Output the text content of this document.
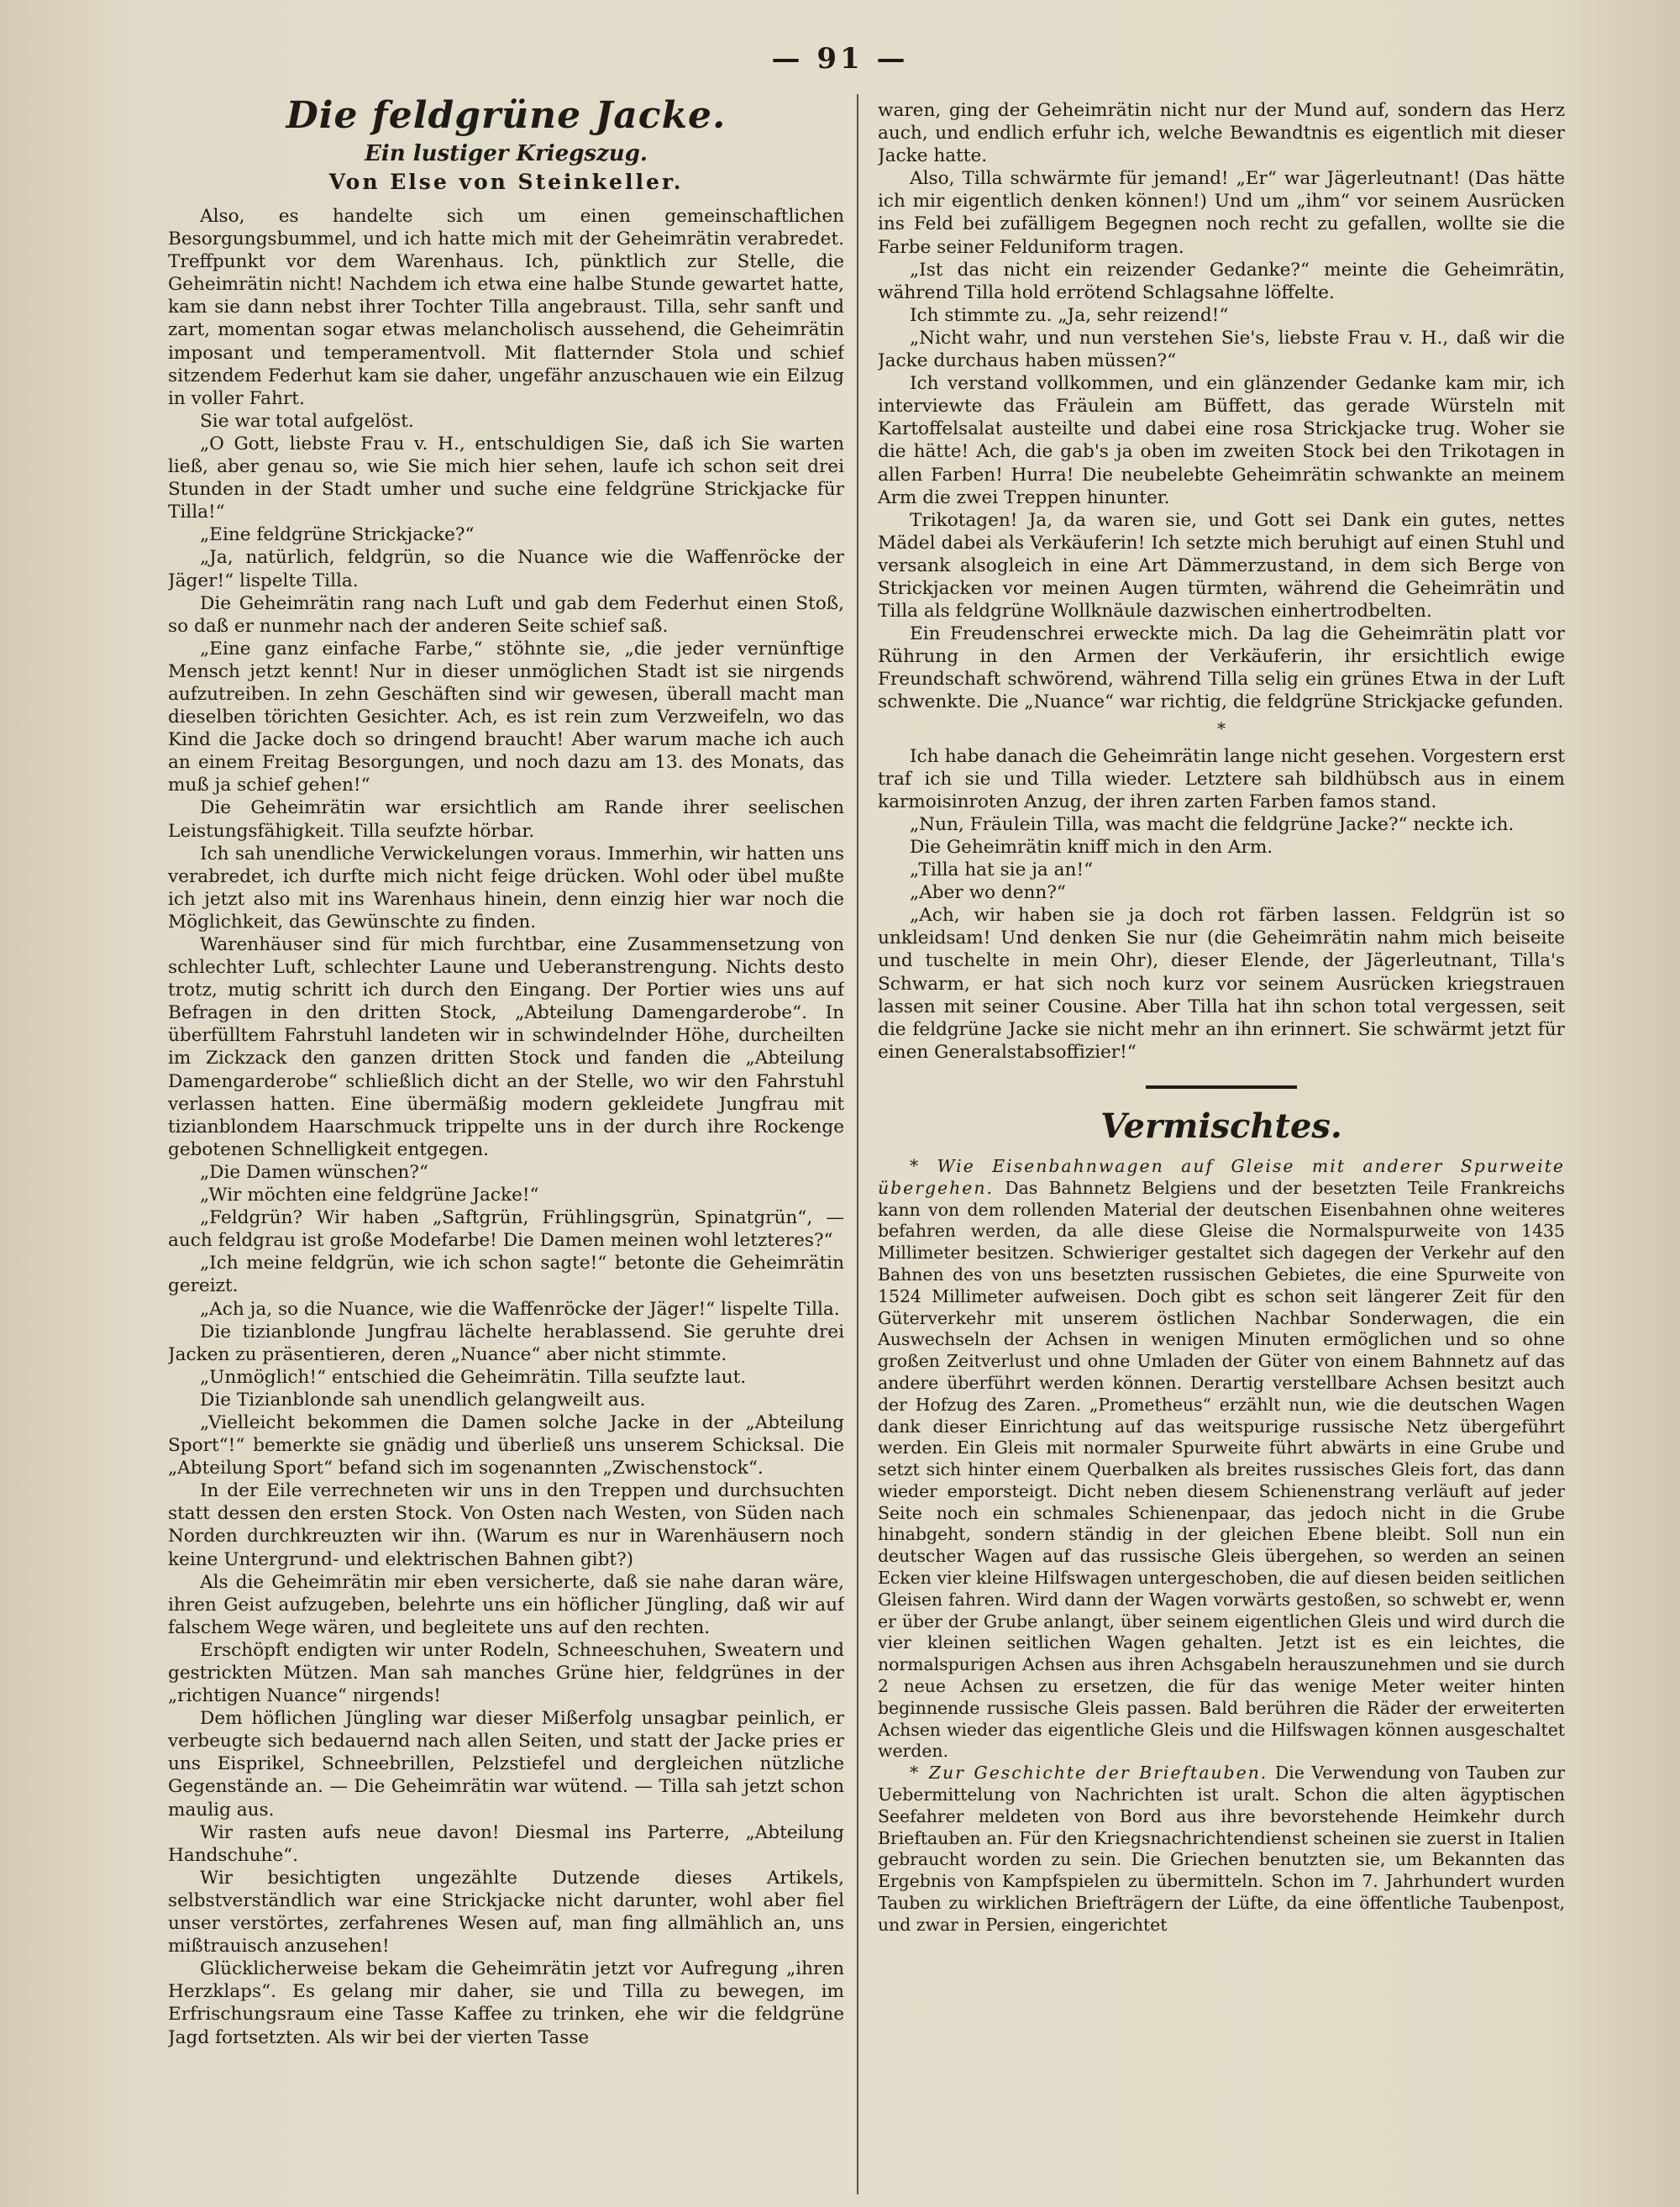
— 91 —
Die feldgrüne Jacke.
Ein lustiger Kriegszug.
Von Else von Steinkeller.

Also, es handelte sich um einen gemeinschaftlichen Besorgungsbummel, und ich hatte mich mit der Geheimrätin verabredet. Treffpunkt vor dem Warenhaus. Ich, pünktlich zur Stelle, die Geheimrätin nicht! Nachdem ich etwa eine halbe Stunde gewartet hatte, kam sie dann nebst ihrer Tochter Tilla angebraust. Tilla, sehr sanft und zart, momentan sogar etwas melancholisch aussehend, die Geheimrätin imposant und temperamentvoll. Mit flatternder Stola und schief sitzendem Federhut kam sie daher, ungefähr anzuschauen wie ein Eilzug in voller Fahrt.

Sie war total aufgelöst.

„O Gott, liebste Frau v. H., entschuldigen Sie, daß ich Sie warten ließ, aber genau so, wie Sie mich hier sehen, laufe ich schon seit drei Stunden in der Stadt umher und suche eine feldgrüne Strickjacke für Tilla!“

„Eine feldgrüne Strickjacke?“

„Ja, natürlich, feldgrün, so die Nuance wie die Waffenröcke der Jäger!“ lispelte Tilla.

Die Geheimrätin rang nach Luft und gab dem Federhut einen Stoß, so daß er nunmehr nach der anderen Seite schief saß.

„Eine ganz einfache Farbe,“ stöhnte sie, „die jeder vernünftige Mensch jetzt kennt! Nur in dieser unmöglichen Stadt ist sie nirgends aufzutreiben. In zehn Geschäften sind wir gewesen, überall macht man dieselben törichten Gesichter. Ach, es ist rein zum Verzweifeln, wo das Kind die Jacke doch so dringend braucht! Aber warum mache ich auch an einem Freitag Besorgungen, und noch dazu am 13. des Monats, das muß ja schief gehen!“

Die Geheimrätin war ersichtlich am Rande ihrer seelischen Leistungsfähigkeit. Tilla seufzte hörbar.

Ich sah unendliche Verwickelungen voraus. Immerhin, wir hatten uns verabredet, ich durfte mich nicht feige drücken. Wohl oder übel mußte ich jetzt also mit ins Warenhaus hinein, denn einzig hier war noch die Möglichkeit, das Gewünschte zu finden.

Warenhäuser sind für mich furchtbar, eine Zusammensetzung von schlechter Luft, schlechter Laune und Ueberanstrengung. Nichts desto trotz, mutig schritt ich durch den Eingang. Der Portier wies uns auf Befragen in den dritten Stock, „Abteilung Damengarderobe“. In überfülltem Fahrstuhl landeten wir in schwindelnder Höhe, durcheilten im Zickzack den ganzen dritten Stock und fanden die „Abteilung Damengarderobe“ schließlich dicht an der Stelle, wo wir den Fahrstuhl verlassen hatten. Eine übermäßig modern gekleidete Jungfrau mit tizianblondem Haarschmuck trippelte uns in der durch ihre Rockenge gebotenen Schnelligkeit entgegen.

„Die Damen wünschen?“

„Wir möchten eine feldgrüne Jacke!“

„Feldgrün? Wir haben „Saftgrün, Frühlingsgrün, Spinatgrün“, — auch feldgrau ist große Modefarbe! Die Damen meinen wohl letzteres?“

„Ich meine feldgrün, wie ich schon sagte!“ betonte die Geheimrätin gereizt.

„Ach ja, so die Nuance, wie die Waffenröcke der Jäger!“ lispelte Tilla.

Die tizianblonde Jungfrau lächelte herablassend. Sie geruhte drei Jacken zu präsentieren, deren „Nuance“ aber nicht stimmte.

„Unmöglich!“ entschied die Geheimrätin. Tilla seufzte laut.

Die Tizianblonde sah unendlich gelangweilt aus.

„Vielleicht bekommen die Damen solche Jacke in der „Abteilung Sport“!“ bemerkte sie gnädig und überließ uns unserem Schicksal. Die „Abteilung Sport“ befand sich im sogenannten „Zwischenstock“.

In der Eile verrechneten wir uns in den Treppen und durchsuchten statt dessen den ersten Stock. Von Osten nach Westen, von Süden nach Norden durchkreuzten wir ihn. (Warum es nur in Warenhäusern noch keine Untergrund- und elektrischen Bahnen gibt?)

Als die Geheimrätin mir eben versicherte, daß sie nahe daran wäre, ihren Geist aufzugeben, belehrte uns ein höflicher Jüngling, daß wir auf falschem Wege wären, und begleitete uns auf den rechten.

Erschöpft endigten wir unter Rodeln, Schneeschuhen, Sweatern und gestrickten Mützen. Man sah manches Grüne hier, feldgrünes in der „richtigen Nuance“ nirgends!

Dem höflichen Jüngling war dieser Mißerfolg unsagbar peinlich, er verbeugte sich bedauernd nach allen Seiten, und statt der Jacke pries er uns Eisprikel, Schneebrillen, Pelzstiefel und dergleichen nützliche Gegenstände an. — Die Geheimrätin war wütend. — Tilla sah jetzt schon maulig aus.

Wir rasten aufs neue davon! Diesmal ins Parterre, „Abteilung Handschuhe“.

Wir besichtigten ungezählte Dutzende dieses Artikels, selbstverständlich war eine Strickjacke nicht darunter, wohl aber fiel unser verstörtes, zerfahrenes Wesen auf, man fing allmählich an, uns mißtrauisch anzusehen!

Glücklicherweise bekam die Geheimrätin jetzt vor Aufregung „ihren Herzklaps“. Es gelang mir daher, sie und Tilla zu bewegen, im Erfrischungsraum eine Tasse Kaffee zu trinken, ehe wir die feldgrüne Jagd fortsetzten. Als wir bei der vierten Tasse

waren, ging der Geheimrätin nicht nur der Mund auf, sondern das Herz auch, und endlich erfuhr ich, welche Bewandtnis es eigentlich mit dieser Jacke hatte.

Also, Tilla schwärmte für jemand! „Er“ war Jägerleutnant! (Das hätte ich mir eigentlich denken können!) Und um „ihm“ vor seinem Ausrücken ins Feld bei zufälligem Begegnen noch recht zu gefallen, wollte sie die Farbe seiner Felduniform tragen.

„Ist das nicht ein reizender Gedanke?“ meinte die Geheimrätin, während Tilla hold errötend Schlagsahne löffelte.

Ich stimmte zu. „Ja, sehr reizend!“

„Nicht wahr, und nun verstehen Sie's, liebste Frau v. H., daß wir die Jacke durchaus haben müssen?“

Ich verstand vollkommen, und ein glänzender Gedanke kam mir, ich interviewte das Fräulein am Büffett, das gerade Würsteln mit Kartoffelsalat austeilte und dabei eine rosa Strickjacke trug. Woher sie die hätte! Ach, die gab's ja oben im zweiten Stock bei den Trikotagen in allen Farben! Hurra! Die neubelebte Geheimrätin schwankte an meinem Arm die zwei Treppen hinunter.

Trikotagen! Ja, da waren sie, und Gott sei Dank ein gutes, nettes Mädel dabei als Verkäuferin! Ich setzte mich beruhigt auf einen Stuhl und versank alsogleich in eine Art Dämmerzustand, in dem sich Berge von Strickjacken vor meinen Augen türmten, während die Geheimrätin und Tilla als feldgrüne Wollknäule dazwischen einhertrodbelten.

Ein Freudenschrei erweckte mich. Da lag die Geheimrätin platt vor Rührung in den Armen der Verkäuferin, ihr ersichtlich ewige Freundschaft schwörend, während Tilla selig ein grünes Etwa in der Luft schwenkte. Die „Nuance“ war richtig, die feldgrüne Strickjacke gefunden.

*

Ich habe danach die Geheimrätin lange nicht gesehen. Vorgestern erst traf ich sie und Tilla wieder. Letztere sah bildhübsch aus in einem karmoisinroten Anzug, der ihren zarten Farben famos stand.

„Nun, Fräulein Tilla, was macht die feldgrüne Jacke?“ neckte ich.

Die Geheimrätin kniff mich in den Arm.

„Tilla hat sie ja an!“

„Aber wo denn?“

„Ach, wir haben sie ja doch rot färben lassen. Feldgrün ist so unkleidsam! Und denken Sie nur (die Geheimrätin nahm mich beiseite und tuschelte in mein Ohr), dieser Elende, der Jägerleutnant, Tilla's Schwarm, er hat sich noch kurz vor seinem Ausrücken kriegstrauen lassen mit seiner Cousine. Aber Tilla hat ihn schon total vergessen, seit die feldgrüne Jacke sie nicht mehr an ihn erinnert. Sie schwärmt jetzt für einen Generalstabsoffizier!“

Vermischtes.

* Wie Eisenbahnwagen auf Gleise mit anderer Spurweite übergehen. Das Bahnnetz Belgiens und der besetzten Teile Frankreichs kann von dem rollenden Material der deutschen Eisenbahnen ohne weiteres befahren werden, da alle diese Gleise die Normalspurweite von 1435 Millimeter besitzen. Schwieriger gestaltet sich dagegen der Verkehr auf den Bahnen des von uns besetzten russischen Gebietes, die eine Spurweite von 1524 Millimeter aufweisen. Doch gibt es schon seit längerer Zeit für den Güterverkehr mit unserem östlichen Nachbar Sonderwagen, die ein Auswechseln der Achsen in wenigen Minuten ermöglichen und so ohne großen Zeitverlust und ohne Umladen der Güter von einem Bahnnetz auf das andere überführt werden können. Derartig verstellbare Achsen besitzt auch der Hofzug des Zaren. „Prometheus“ erzählt nun, wie die deutschen Wagen dank dieser Einrichtung auf das weitspurige russische Netz übergeführt werden. Ein Gleis mit normaler Spurweite führt abwärts in eine Grube und setzt sich hinter einem Querbalken als breites russisches Gleis fort, das dann wieder emporsteigt. Dicht neben diesem Schienenstrang verläuft auf jeder Seite noch ein schmales Schienenpaar, das jedoch nicht in die Grube hinabgeht, sondern ständig in der gleichen Ebene bleibt. Soll nun ein deutscher Wagen auf das russische Gleis übergehen, so werden an seinen Ecken vier kleine Hilfswagen untergeschoben, die auf diesen beiden seitlichen Gleisen fahren. Wird dann der Wagen vorwärts gestoßen, so schwebt er, wenn er über der Grube anlangt, über seinem eigentlichen Gleis und wird durch die vier kleinen seitlichen Wagen gehalten. Jetzt ist es ein leichtes, die normalspurigen Achsen aus ihren Achsgabeln herauszunehmen und sie durch 2 neue Achsen zu ersetzen, die für das wenige Meter weiter hinten beginnende russische Gleis passen. Bald berühren die Räder der erweiterten Achsen wieder das eigentliche Gleis und die Hilfswagen können ausgeschaltet werden.

* Zur Geschichte der Brieftauben. Die Verwendung von Tauben zur Uebermittelung von Nachrichten ist uralt. Schon die alten ägyptischen Seefahrer meldeten von Bord aus ihre bevorstehende Heimkehr durch Brieftauben an. Für den Kriegsnachrichtendienst scheinen sie zuerst in Italien gebraucht worden zu sein. Die Griechen benutzten sie, um Bekannten das Ergebnis von Kampfspielen zu übermitteln. Schon im 7. Jahrhundert wurden Tauben zu wirklichen Briefträgern der Lüfte, da eine öffentliche Taubenpost, und zwar in Persien, eingerichtet
